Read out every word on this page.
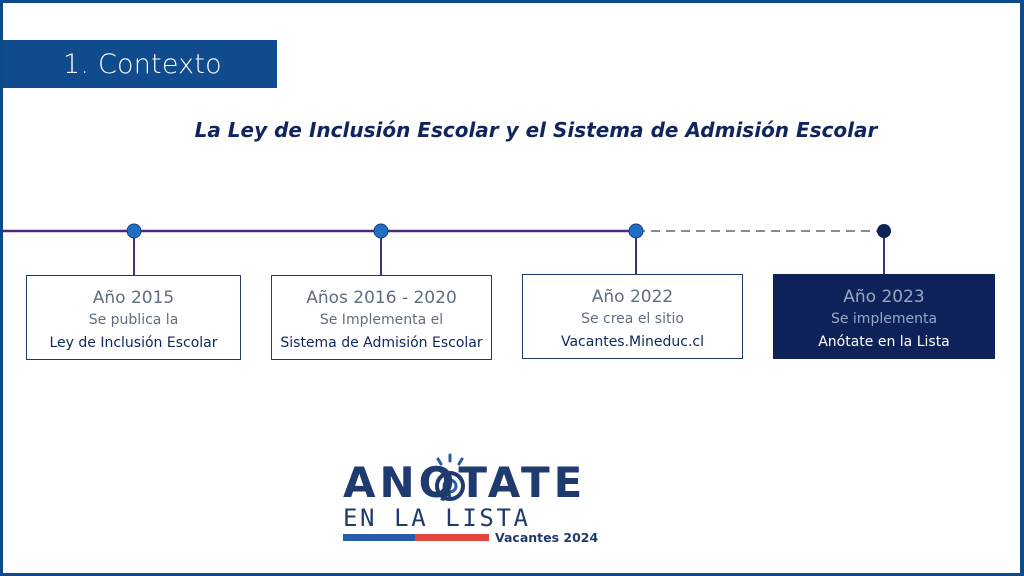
1. Contexto
La Ley de Inclusión Escolar y el Sistema de Admisión Escolar
Año 2015
Se publica la
Ley de Inclusión Escolar
Años 2016 - 2020
Se Implementa el
Sistema de Admisión Escolar
Año 2022
Se crea el sitio
Vacantes.Mineduc.cl
Año 2023
Se implementa
Anótate en la Lista
ANOTATE
EN LA LISTA
Vacantes 2024
